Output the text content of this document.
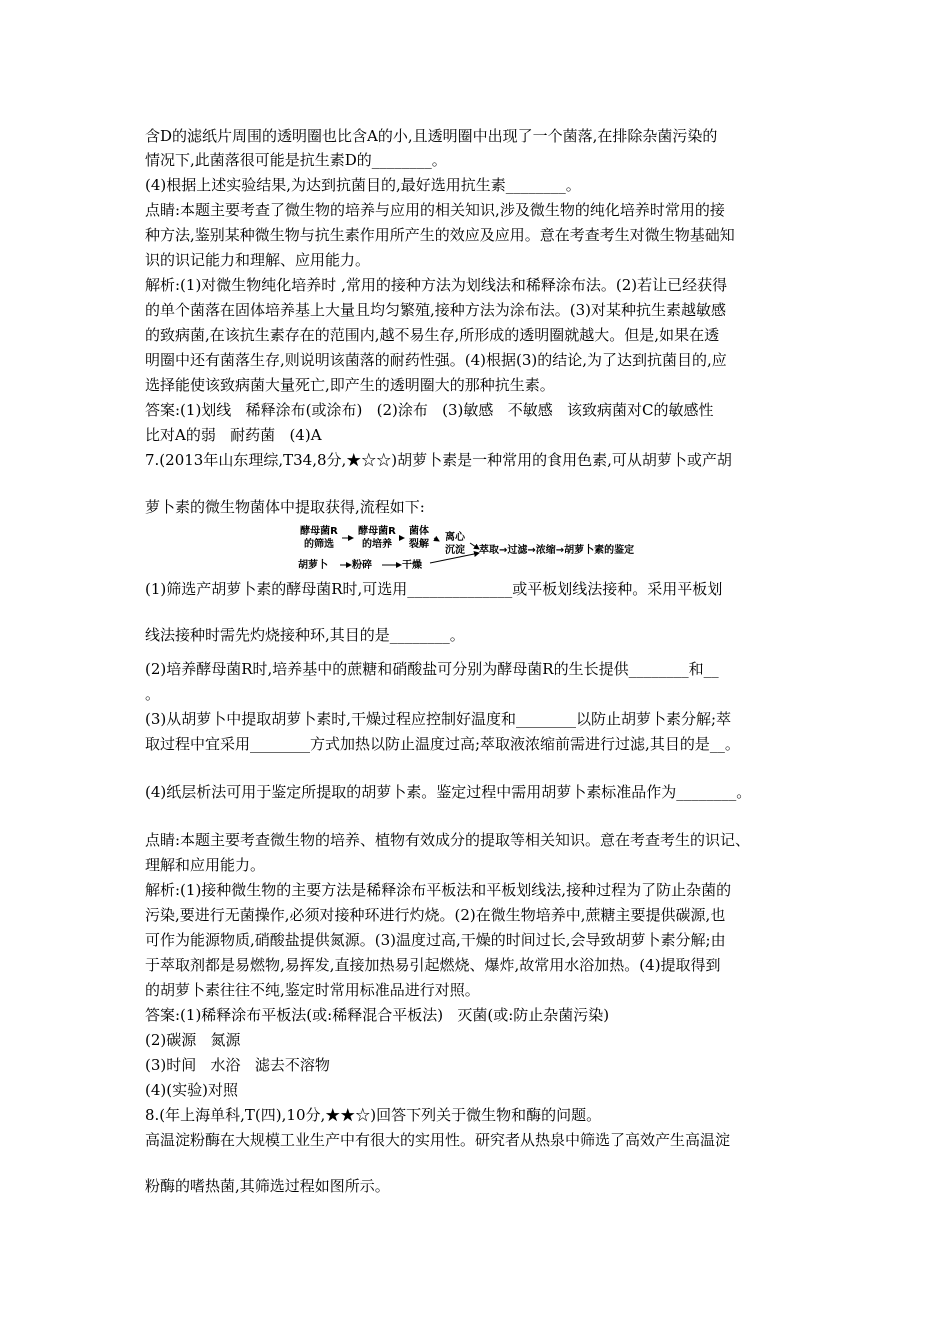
含D的滤纸片周围的透明圈也比含A的小,且透明圈中出现了一个菌落,在排除杂菌污染的
情况下,此菌落很可能是抗生素D的________。
(4)根据上述实验结果,为达到抗菌目的,最好选用抗生素________。
点睛:本题主要考查了微生物的培养与应用的相关知识,涉及微生物的纯化培养时常用的接
种方法,鉴别某种微生物与抗生素作用所产生的效应及应用。意在考查考生对微生物基础知
识的识记能力和理解、应用能力。
解析:(1)对微生物纯化培养时 ,常用的接种方法为划线法和稀释涂布法。(2)若让已经获得
的单个菌落在固体培养基上大量且均匀繁殖,接种方法为涂布法。(3)对某种抗生素越敏感
的致病菌,在该抗生素存在的范围内,越不易生存,所形成的透明圈就越大。但是,如果在透
明圈中还有菌落生存,则说明该菌落的耐药性强。(4)根据(3)的结论,为了达到抗菌目的,应
选择能使该致病菌大量死亡,即产生的透明圈大的那种抗生素。
答案:(1)划线   稀释涂布(或涂布)   (2)涂布   (3)敏感   不敏感   该致病菌对C的敏感性
比对A的弱   耐药菌   (4)A
7.(2013年山东理综,T34,8分,★☆☆)胡萝卜素是一种常用的食用色素,可从胡萝卜或产胡
萝卜素的微生物菌体中提取获得,流程如下:
(1)筛选产胡萝卜素的酵母菌R时,可选用______________或平板划线法接种。采用平板划
线法接种时需先灼烧接种环,其目的是________。
(2)培养酵母菌R时,培养基中的蔗糖和硝酸盐可分别为酵母菌R的生长提供________和__
。
(3)从胡萝卜中提取胡萝卜素时,干燥过程应控制好温度和________以防止胡萝卜素分解;萃
取过程中宜采用________方式加热以防止温度过高;萃取液浓缩前需进行过滤,其目的是__。
(4)纸层析法可用于鉴定所提取的胡萝卜素。鉴定过程中需用胡萝卜素标准品作为________。
点睛:本题主要考查微生物的培养、植物有效成分的提取等相关知识。意在考查考生的识记、
理解和应用能力。
解析:(1)接种微生物的主要方法是稀释涂布平板法和平板划线法,接种过程为了防止杂菌的
污染,要进行无菌操作,必须对接种环进行灼烧。(2)在微生物培养中,蔗糖主要提供碳源,也
可作为能源物质,硝酸盐提供氮源。(3)温度过高,干燥的时间过长,会导致胡萝卜素分解;由
于萃取剂都是易燃物,易挥发,直接加热易引起燃烧、爆炸,故常用水浴加热。(4)提取得到
的胡萝卜素往往不纯,鉴定时常用标准品进行对照。
答案:(1)稀释涂布平板法(或:稀释混合平板法)   灭菌(或:防止杂菌污染)
(2)碳源   氮源
(3)时间   水浴   滤去不溶物
(4)(实验)对照
8.(年上海单科,T(四),10分,★★☆)回答下列关于微生物和酶的问题。
高温淀粉酶在大规模工业生产中有很大的实用性。研究者从热泉中筛选了高效产生高温淀
粉酶的嗜热菌,其筛选过程如图所示。
酵母菌R
的筛选
酵母菌R
的培养
菌体
裂解
离心
沉淀	萃取→过滤→浓缩→胡萝卜素的鉴定
胡萝卜 粉碎	干燥
